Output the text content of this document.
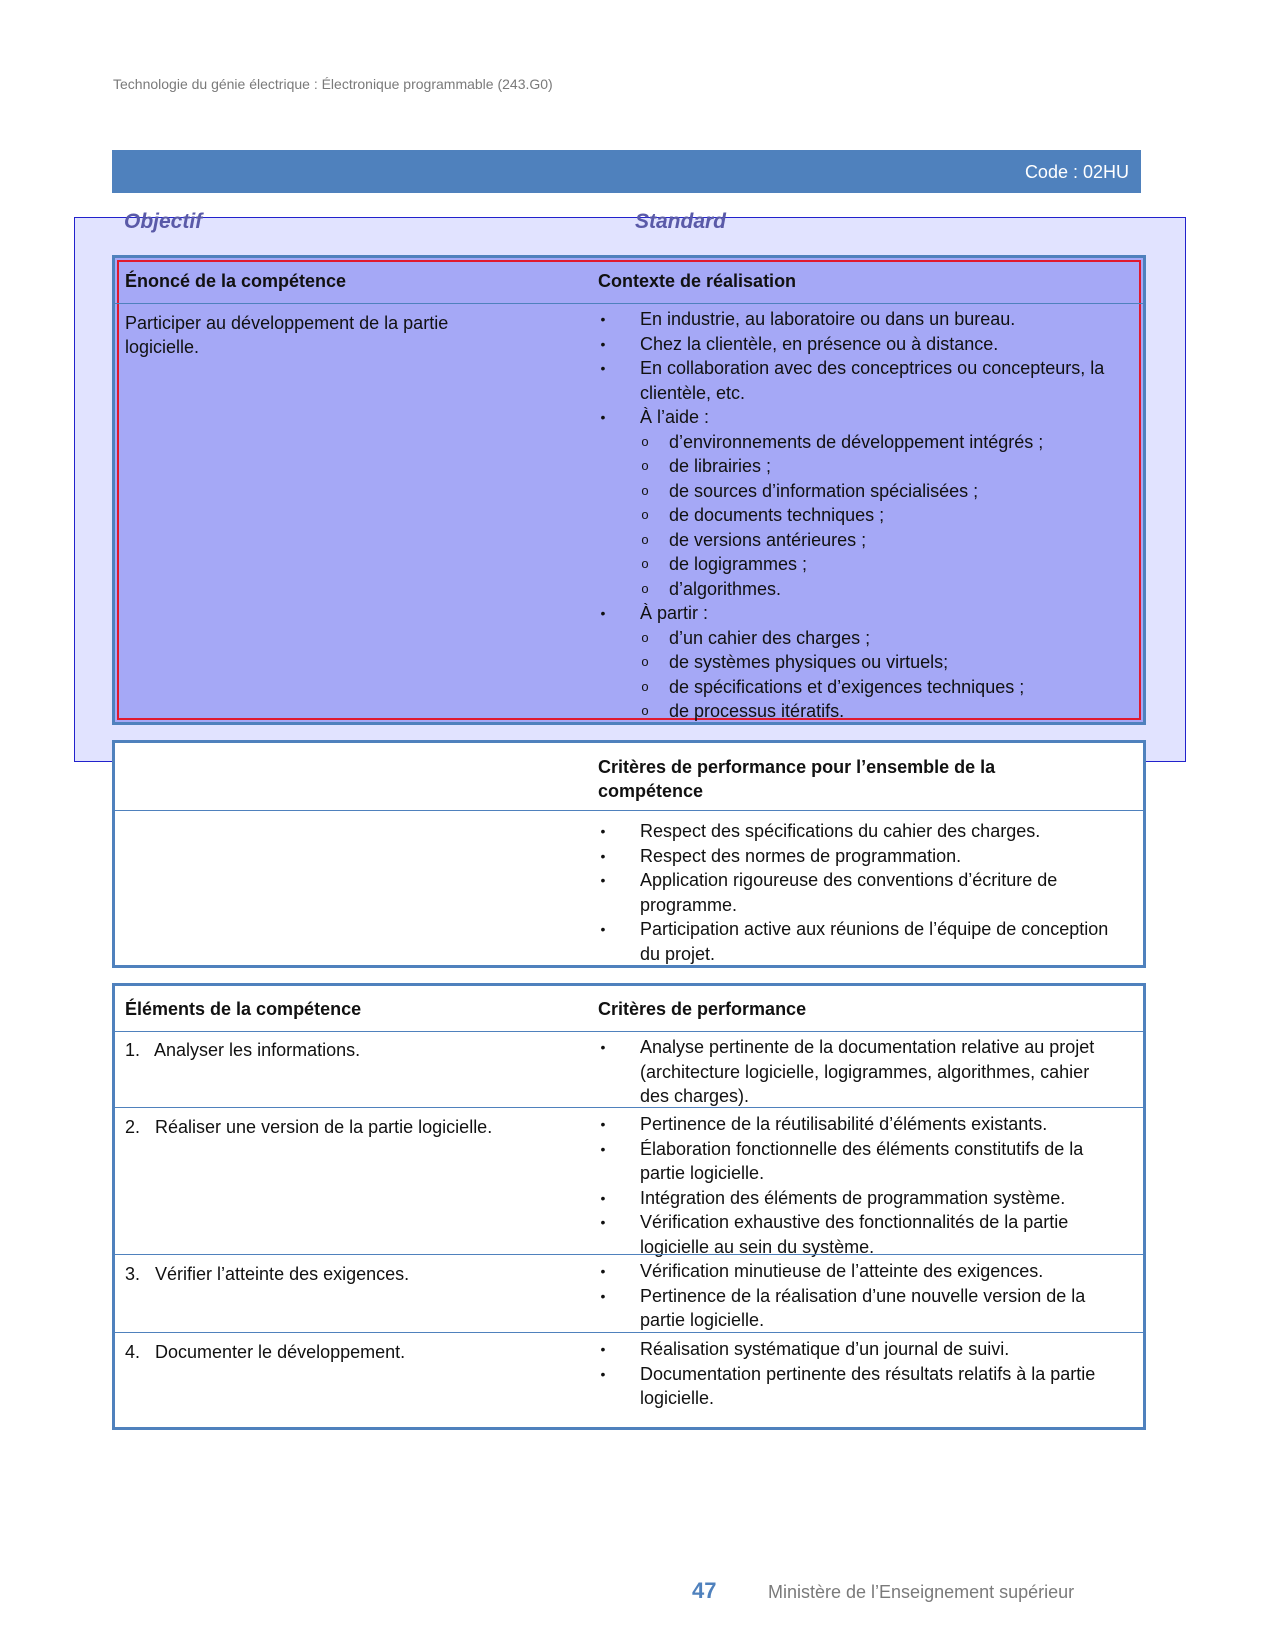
Technologie du génie électrique : Électronique programmable (243.G0)
Code : 02HU
Objectif	Standard
Énoncé de la compétence	Contexte de réalisation
Participer au développement de la partie logicielle.
• En industrie, au laboratoire ou dans un bureau.
• Chez la clientèle, en présence ou à distance.
• En collaboration avec des conceptrices ou concepteurs, la clientèle, etc.
• À l’aide :
o d’environnements de développement intégrés ;
o de librairies ;
o de sources d’information spécialisées ;
o de documents techniques ;
o de versions antérieures ;
o de logigrammes ;
o d’algorithmes.
• À partir :
o d’un cahier des charges ;
o de systèmes physiques ou virtuels;
o de spécifications et d’exigences techniques ;
o de processus itératifs.
Critères de performance pour l’ensemble de la compétence
• Respect des spécifications du cahier des charges.
• Respect des normes de programmation.
• Application rigoureuse des conventions d’écriture de programme.
• Participation active aux réunions de l’équipe de conception du projet.
Éléments de la compétence	Critères de performance
1.   Analyser les informations.	• Analyse pertinente de la documentation relative au projet (architecture logicielle, logigrammes, algorithmes, cahier des charges).
2.   Réaliser une version de la partie logicielle.	• Pertinence de la réutilisabilité d’éléments existants.
• Élaboration fonctionnelle des éléments constitutifs de la partie logicielle.
• Intégration des éléments de programmation système.
• Vérification exhaustive des fonctionnalités de la partie logicielle au sein du système.
3.   Vérifier l’atteinte des exigences.	• Vérification minutieuse de l’atteinte des exigences.
• Pertinence de la réalisation d’une nouvelle version de la partie logicielle.
4.   Documenter le développement.	• Réalisation systématique d’un journal de suivi.
• Documentation pertinente des résultats relatifs à la partie logicielle.
47	Ministère de l’Enseignement supérieur
